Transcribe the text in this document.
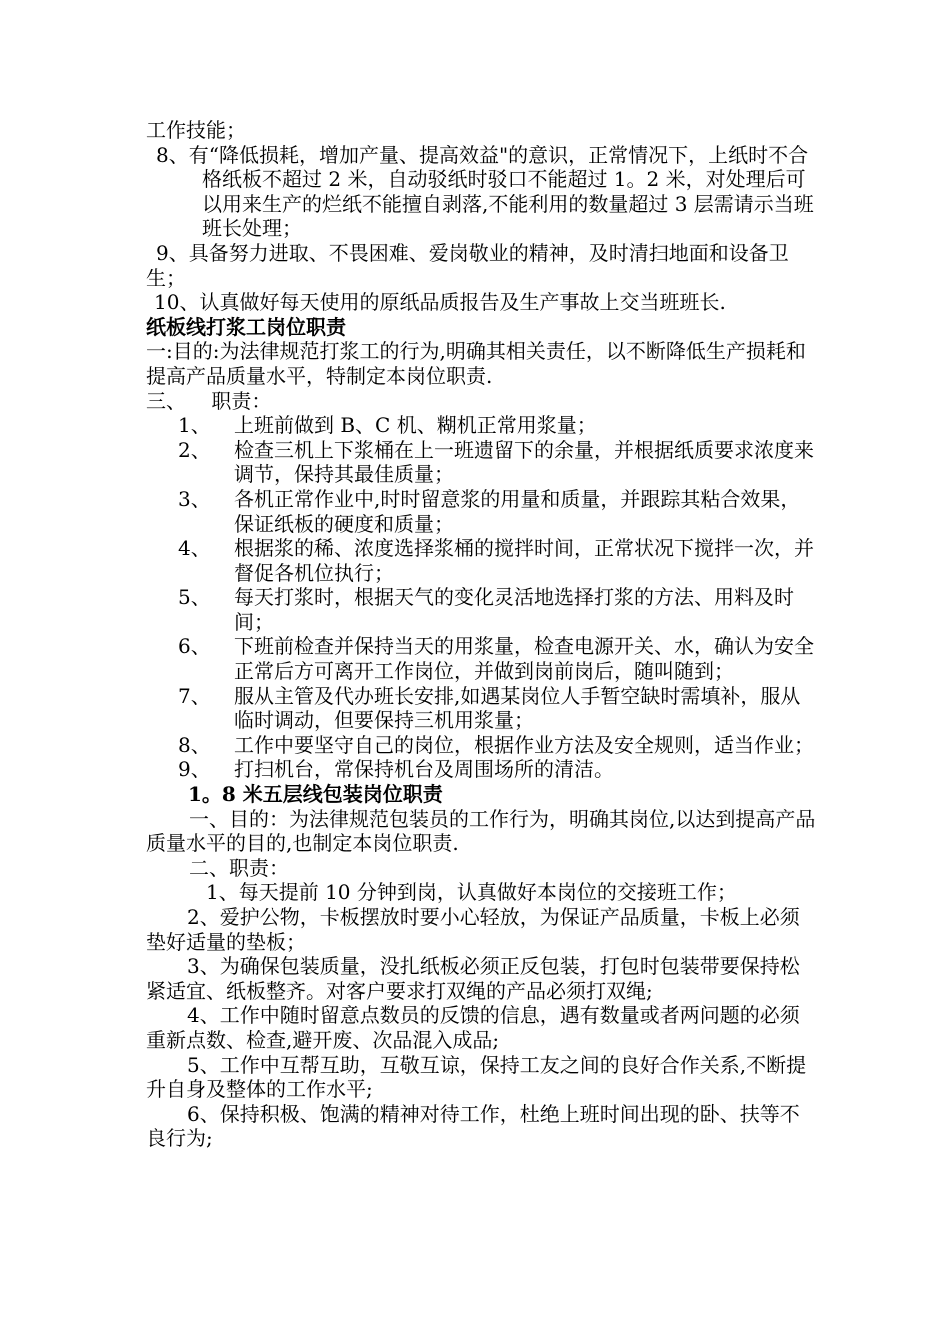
工作技能；

8、有“降低损耗，增加产量、提高效益"的意识，正常情况下，上纸时不合格纸板不超过 2 米，自动驳纸时驳口不能超过 1。2 米，对处理后可以用来生产的烂纸不能擅自剥落,不能利用的数量超过 3 层需请示当班班长处理；

9、具备努力进取、不畏困难、爱岗敬业的精神，及时清扫地面和设备卫生；

10、认真做好每天使用的原纸品质报告及生产事故上交当班班长.

纸板线打浆工岗位职责

一:目的:为法律规范打浆工的行为,明确其相关责任，以不断降低生产损耗和提高产品质量水平，特制定本岗位职责.

三、    职责：

1、 上班前做到 B、C 机、糊机正常用浆量；

2、 检查三机上下浆桶在上一班遗留下的余量，并根据纸质要求浓度来调节，保持其最佳质量；

3、 各机正常作业中,时时留意浆的用量和质量，并跟踪其粘合效果，保证纸板的硬度和质量；

4、 根据浆的稀、浓度选择浆桶的搅拌时间，正常状况下搅拌一次，并督促各机位执行；

5、 每天打浆时，根据天气的变化灵活地选择打浆的方法、用料及时间；

6、 下班前检查并保持当天的用浆量，检查电源开关、水，确认为安全正常后方可离开工作岗位，并做到岗前岗后，随叫随到；

7、 服从主管及代办班长安排,如遇某岗位人手暂空缺时需填补，服从临时调动，但要保持三机用浆量；

8、 工作中要坚守自己的岗位，根据作业方法及安全规则，适当作业；

9、 打扫机台，常保持机台及周围场所的清洁。

1。8 米五层线包装岗位职责

一、目的：为法律规范包装员的工作行为，明确其岗位,以达到提高产品质量水平的目的,也制定本岗位职责.

二、职责：

1、每天提前 10 分钟到岗，认真做好本岗位的交接班工作；

2、爱护公物，卡板摆放时要小心轻放，为保证产品质量，卡板上必须垫好适量的垫板；

3、为确保包装质量，没扎纸板必须正反包装，打包时包装带要保持松紧适宜、纸板整齐。对客户要求打双绳的产品必须打双绳;

4、工作中随时留意点数员的反馈的信息，遇有数量或者两问题的必须重新点数、检查,避开废、次品混入成品;

5、工作中互帮互助，互敬互谅，保持工友之间的良好合作关系,不断提升自身及整体的工作水平;

6、保持积极、饱满的精神对待工作，杜绝上班时间出现的卧、扶等不良行为;
